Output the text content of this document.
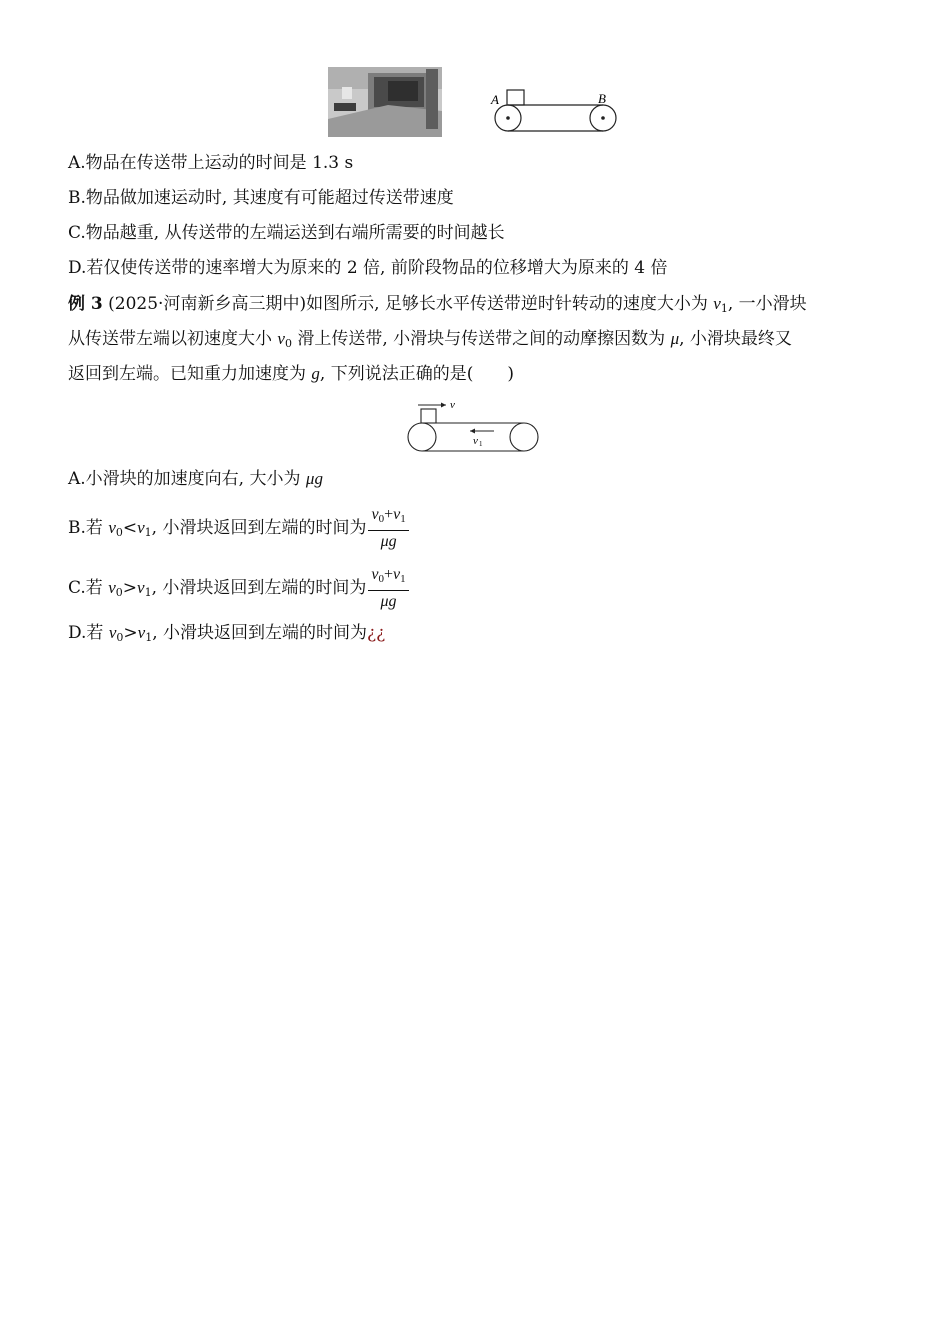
A	B
A.物品在传送带上运动的时间是 1.3 s
B.物品做加速运动时, 其速度有可能超过传送带速度
C.物品越重, 从传送带的左端运送到右端所需要的时间越长
D.若仅使传送带的速率增大为原来的 2 倍, 前阶段物品的位移增大为原来的 4 倍
例 3 (2025·河南新乡高三期中)如图所示, 足够长水平传送带逆时针转动的速度大小为 $v_1$, 一小滑块
从传送带左端以初速度大小 $v_0$ 滑上传送带, 小滑块与传送带之间的动摩擦因数为 μ, 小滑块最终又
返回到左端。已知重力加速度为 g, 下列说法正确的是(　　)
v
v 1
A.小滑块的加速度向右, 大小为 μg
B.若 $v_0<v_1$, 小滑块返回到左端的时间为 $\frac{v_0+v_1}{\mu g}$
C.若 $v_0>v_1$, 小滑块返回到左端的时间为 $\frac{v_0+v_1}{\mu g}$
D.若 $v_0>v_1$, 小滑块返回到左端的时间为¿¿
